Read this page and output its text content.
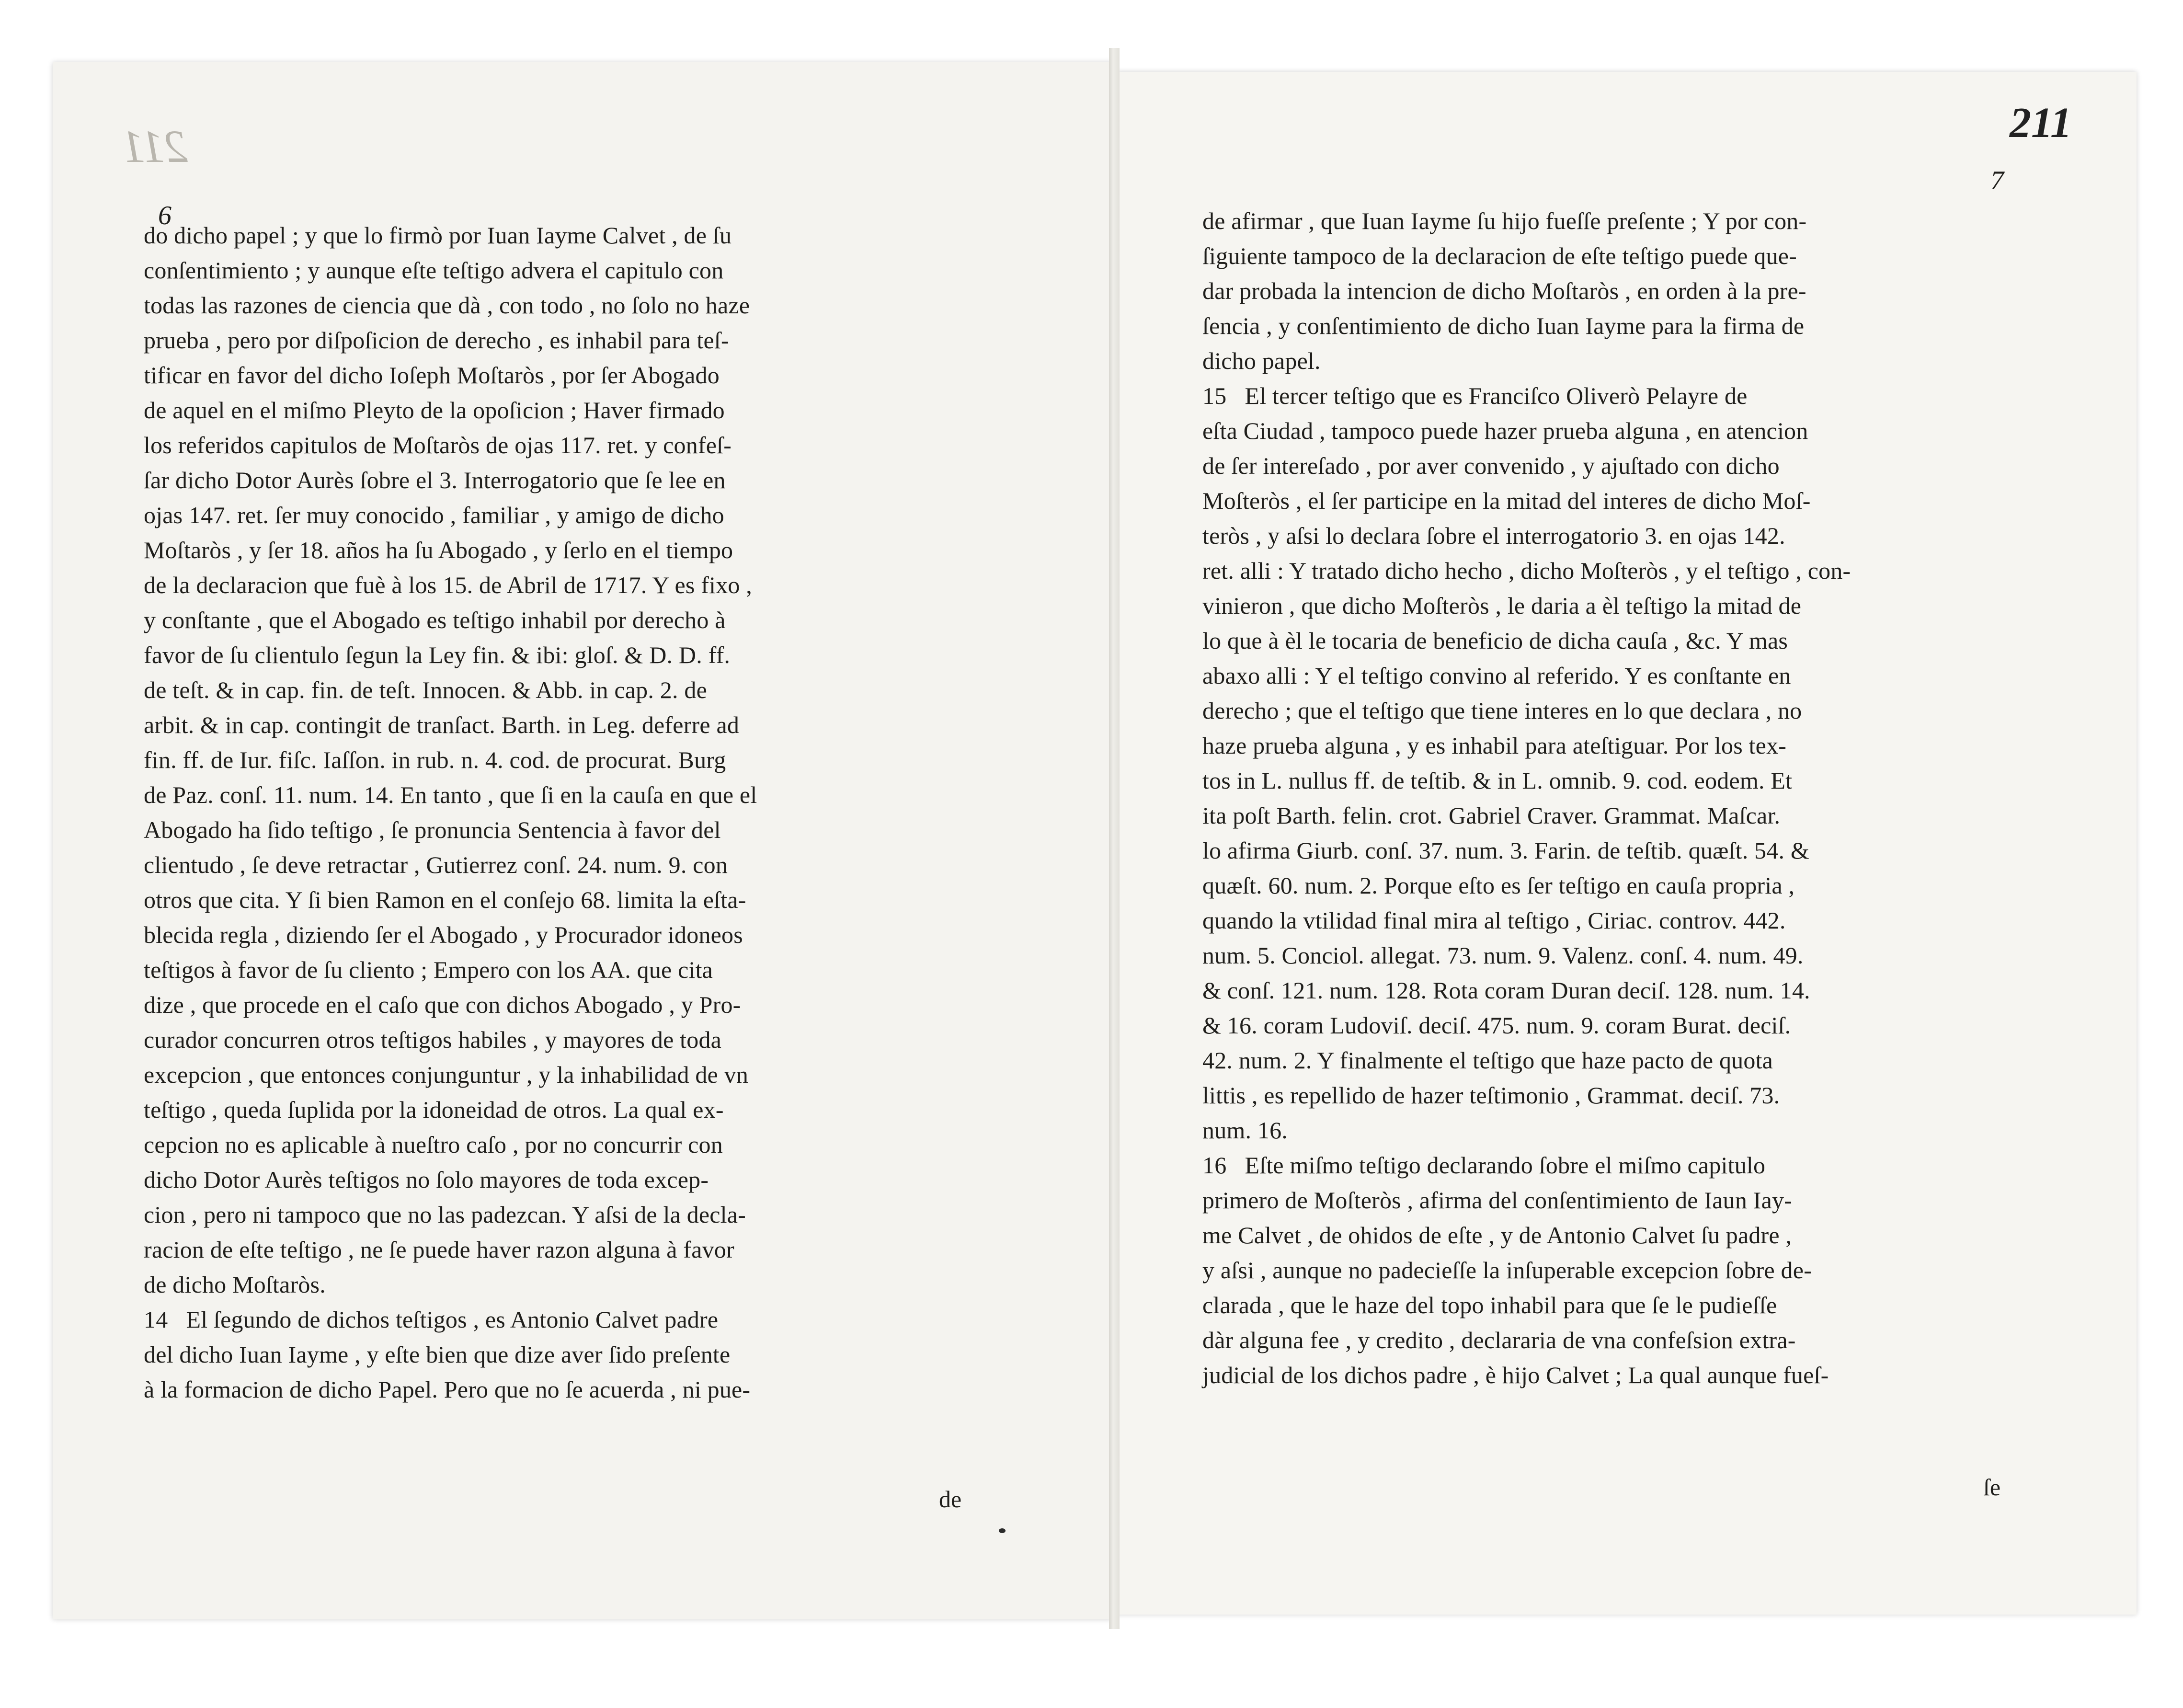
211	211
6
7
do dicho papel ; y que lo firmò por Iuan Iayme Calvet , de ſu
conſentimiento ; y aunque eſte teſtigo advera el capitulo con
todas las razones de ciencia que dà , con todo , no ſolo no haze
prueba , pero por diſpoſicion de derecho , es inhabil para teſ-
tificar en favor del dicho Ioſeph Moſtaròs , por ſer Abogado
de aquel en el miſmo Pleyto de la opoſicion ; Haver firmado
los referidos capitulos de Moſtaròs de ojas 117. ret. y confeſ-
ſar dicho Dotor Aurès ſobre el 3. Interrogatorio que ſe lee en
ojas 147. ret. ſer muy conocido , familiar , y amigo de dicho
Moſtaròs , y ſer 18. años ha ſu Abogado , y ſerlo en el tiempo
de la declaracion que fuè à los 15. de Abril de 1717. Y es fixo ,
y conſtante , que el Abogado es teſtigo inhabil por derecho à
favor de ſu clientulo ſegun la Ley fin. & ibi: gloſ. & D. D. ff.
de teſt. & in cap. fin. de teſt. Innocen. & Abb. in cap. 2. de
arbit. & in cap. contingit de tranſact. Barth. in Leg. deferre ad
fin. ff. de Iur. fiſc. Iaſſon. in rub. n. 4. cod. de procurat. Burg
de Paz. conſ. 11. num. 14. En tanto , que ſi en la cauſa en que el
Abogado ha ſido teſtigo , ſe pronuncia Sentencia à favor del
clientudo , ſe deve retractar , Gutierrez conſ. 24. num. 9. con
otros que cita. Y ſi bien Ramon en el conſejo 68. limita la eſta-
blecida regla , diziendo ſer el Abogado , y Procurador idoneos
teſtigos à favor de ſu cliento ; Empero con los AA. que cita
dize , que procede en el caſo que con dichos Abogado , y Pro-
curador concurren otros teſtigos habiles , y mayores de toda
excepcion , que entonces conjunguntur , y la inhabilidad de vn
teſtigo , queda ſuplida por la idoneidad de otros. La qual ex-
cepcion no es aplicable à nueſtro caſo , por no concurrir con
dicho Dotor Aurès teſtigos no ſolo mayores de toda excep-
cion , pero ni tampoco que no las padezcan. Y aſsi de la decla-
racion de eſte teſtigo , ne ſe puede haver razon alguna à favor
de dicho Moſtaròs.
14   El ſegundo de dichos teſtigos , es Antonio Calvet padre
del dicho Iuan Iayme , y eſte bien que dize aver ſido preſente
à la formacion de dicho Papel. Pero que no ſe acuerda , ni pue-
de afirmar , que Iuan Iayme ſu hijo fueſſe preſente ; Y por con-
ſiguiente tampoco de la declaracion de eſte teſtigo puede que-
dar probada la intencion de dicho Moſtaròs , en orden à la pre-
ſencia , y conſentimiento de dicho Iuan Iayme para la firma de
dicho papel.
15   El tercer teſtigo que es Franciſco Oliverò Pelayre de
eſta Ciudad , tampoco puede hazer prueba alguna , en atencion
de ſer intereſado , por aver convenido , y ajuſtado con dicho
Moſteròs , el ſer participe en la mitad del interes de dicho Moſ-
teròs , y aſsi lo declara ſobre el interrogatorio 3. en ojas 142.
ret. alli : Y tratado dicho hecho , dicho Moſteròs , y el teſtigo , con-
vinieron , que dicho Moſteròs , le daria a èl teſtigo la mitad de
lo que à èl le tocaria de beneficio de dicha cauſa , &c. Y mas
abaxo alli : Y el teſtigo convino al referido. Y es conſtante en
derecho ; que el teſtigo que tiene interes en lo que declara , no
haze prueba alguna , y es inhabil para ateſtiguar. Por los tex-
tos in L. nullus ff. de teſtib. & in L. omnib. 9. cod. eodem. Et
ita poſt Barth. felin. crot. Gabriel Craver. Grammat. Maſcar.
lo afirma Giurb. conſ. 37. num. 3. Farin. de teſtib. quæſt. 54. &
quæſt. 60. num. 2. Porque eſto es ſer teſtigo en cauſa propria ,
quando la vtilidad final mira al teſtigo , Ciriac. controv. 442.
num. 5. Conciol. allegat. 73. num. 9. Valenz. conſ. 4. num. 49.
& conſ. 121. num. 128. Rota coram Duran deciſ. 128. num. 14.
& 16. coram Ludoviſ. deciſ. 475. num. 9. coram Burat. deciſ.
42. num. 2. Y finalmente el teſtigo que haze pacto de quota
littis , es repellido de hazer teſtimonio , Grammat. deciſ. 73.
num. 16.
16   Eſte miſmo teſtigo declarando ſobre el miſmo capitulo
primero de Moſteròs , afirma del conſentimiento de Iaun Iay-
me Calvet , de ohidos de eſte , y de Antonio Calvet ſu padre ,
y aſsi , aunque no padecieſſe la inſuperable excepcion ſobre de-
clarada , que le haze del topo inhabil para que ſe le pudieſſe
dàr alguna fee , y credito , declararia de vna confeſsion extra-
judicial de los dichos padre , è hijo Calvet ; La qual aunque fueſ-
de	ſe
